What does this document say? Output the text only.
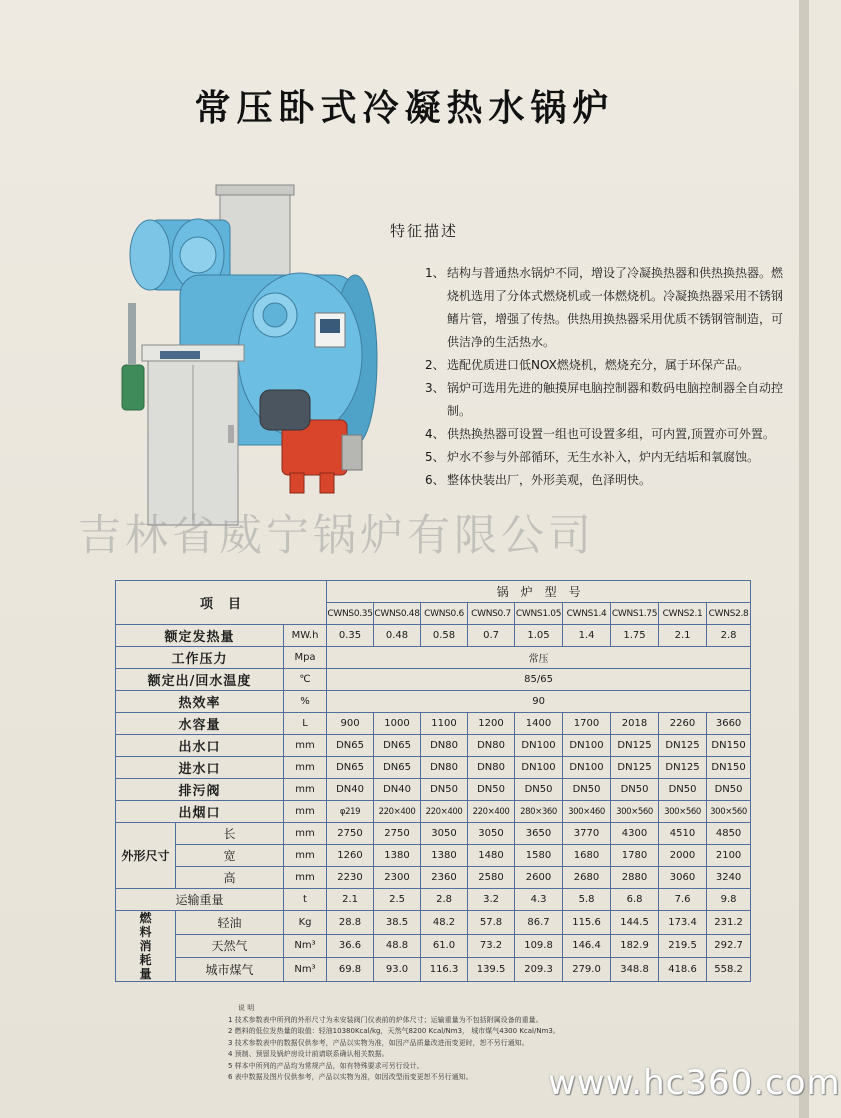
常压卧式冷凝热水锅炉
特征描述
1、 结构与普通热水锅炉不同，增设了冷凝换热器和供热换热器。燃烧机选用了分体式燃烧机或一体燃烧机。冷凝换热器采用不锈钢鳍片管，增强了传热。供热用换热器采用优质不锈钢管制造，可供洁净的生活热水。
2、 选配优质进口低NOX燃烧机，燃烧充分，属于环保产品。
3、 锅炉可选用先进的触摸屏电脑控制器和数码电脑控制器全自动控制。
4、 供热换热器可设置一组也可设置多组，可内置,顶置亦可外置。
5、 炉水不参与外部循环，无生水补入，炉内无结垢和氧腐蚀。
6、 整体快装出厂，外形美观，色泽明快。
吉林省威宁锅炉有限公司
项　目			锅　炉　型　号								
			CWNS0.35	CWNS0.48	CWNS0.6	CWNS0.7	CWNS1.05	CWNS1.4	CWNS1.75	CWNS2.1	CWNS2.8
额定发热量		MW.h	0.35	0.48	0.58	0.7	1.05	1.4	1.75	2.1	2.8
工作压力		Mpa	常压								
额定出/回水温度		℃	85/65								
热效率		%	90								
水容量		L	900	1000	1100	1200	1400	1700	2018	2260	3660
出水口		mm	DN65	DN65	DN80	DN80	DN100	DN100	DN125	DN125	DN150
进水口		mm	DN65	DN65	DN80	DN80	DN100	DN100	DN125	DN125	DN150
排污阀		mm	DN40	DN40	DN50	DN50	DN50	DN50	DN50	DN50	DN50
出烟口		mm	φ219	220×400	220×400	220×400	280×360	300×460	300×560	300×560	300×560
外形尺寸	长	mm	2750	2750	3050	3050	3650	3770	4300	4510	4850
	宽	mm	1260	1380	1380	1480	1580	1680	1780	2000	2100
	高	mm	2230	2300	2360	2580	2600	2680	2880	3060	3240
运输重量		t	2.1	2.5	2.8	3.2	4.3	5.8	6.8	7.6	9.8
燃料消耗量	轻油	Kg	28.8	38.5	48.2	57.8	86.7	115.6	144.5	173.4	231.2
	天然气	Nm³	36.6	48.8	61.0	73.2	109.8	146.4	182.9	219.5	292.7
	城市煤气	Nm³	69.8	93.0	116.3	139.5	209.3	279.0	348.8	418.6	558.2
说 明
1 技术参数表中所列的外形尺寸为未安装阀门仪表前的炉体尺寸；运输重量为不包括附属设备的重量。
2 燃料的低位发热量的取值：轻油10380Kcal/kg，天然气8200 Kcal/Nm3， 城市煤气4300 Kcal/Nm3。
3 技术参数表中的数据仅供参考，产品以实物为准，如因产品质量改进而变更时，恕不另行通知。
4 预制、预留及锅炉房设计前请联系确认相关数据。
5 样本中所列的产品均为常规产品，如有特殊要求可另行设计。
6 表中数据及图片仅供参考，产品以实物为准，如因改型而变更恕不另行通知。	www.hc360.com
